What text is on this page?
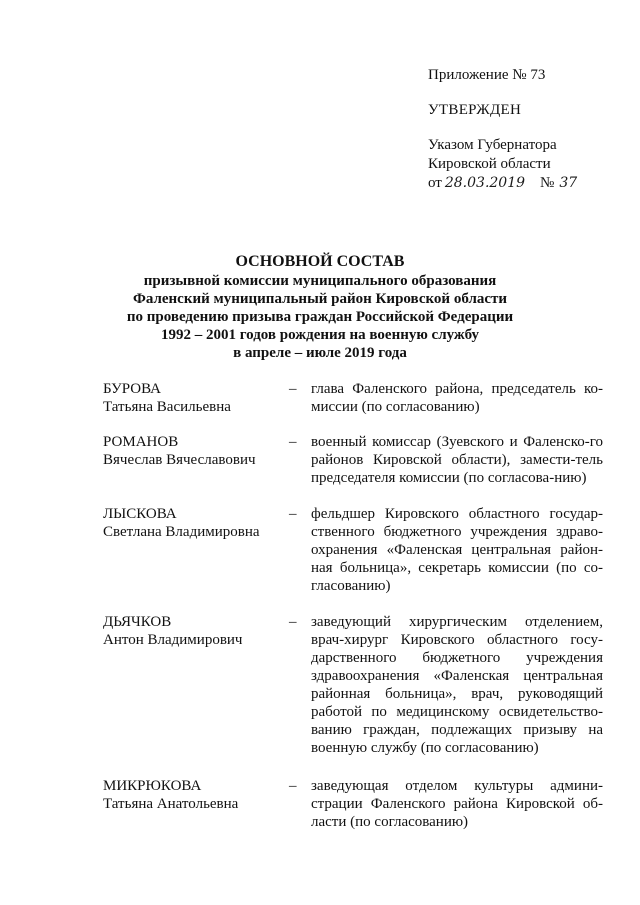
Приложение № 73

УТВЕРЖДЕН

Указом Губернатора

Кировской области

от 28.03.2019 № 37

ОСНОВНОЙ СОСТАВ
призывной комиссии муниципального образования
Фаленский муниципальный район Кировской области
по проведению призыва граждан Российской Федерации
1992 – 2001 годов рождения на военную службу
в апреле – июле 2019 года
БУРОВА
Татьяна Васильевна
– глава Фаленского района, председатель ко-миссии (по согласованию)
РОМАНОВ
Вячеслав Вячеславович
– военный комиссар (Зуевского и Фаленско-го районов Кировской области), замести-тель председателя комиссии (по согласова-нию)
ЛЫСКОВА
Светлана Владимировна
– фельдшер Кировского областного государ-ственного бюджетного учреждения здраво-охранения «Фаленская центральная район-ная больница», секретарь комиссии (по со-гласованию)
ДЬЯЧКОВ
Антон Владимирович
– заведующий хирургическим отделением, врач-хирург Кировского областного госу-дарственного бюджетного учреждения здравоохранения «Фаленская центральная районная больница», врач, руководящий работой по медицинскому освидетельство-ванию граждан, подлежащих призыву на военную службу (по согласованию)
МИКРЮКОВА
Татьяна Анатольевна
– заведующая отделом культуры админи-страции Фаленского района Кировской об-ласти (по согласованию)
